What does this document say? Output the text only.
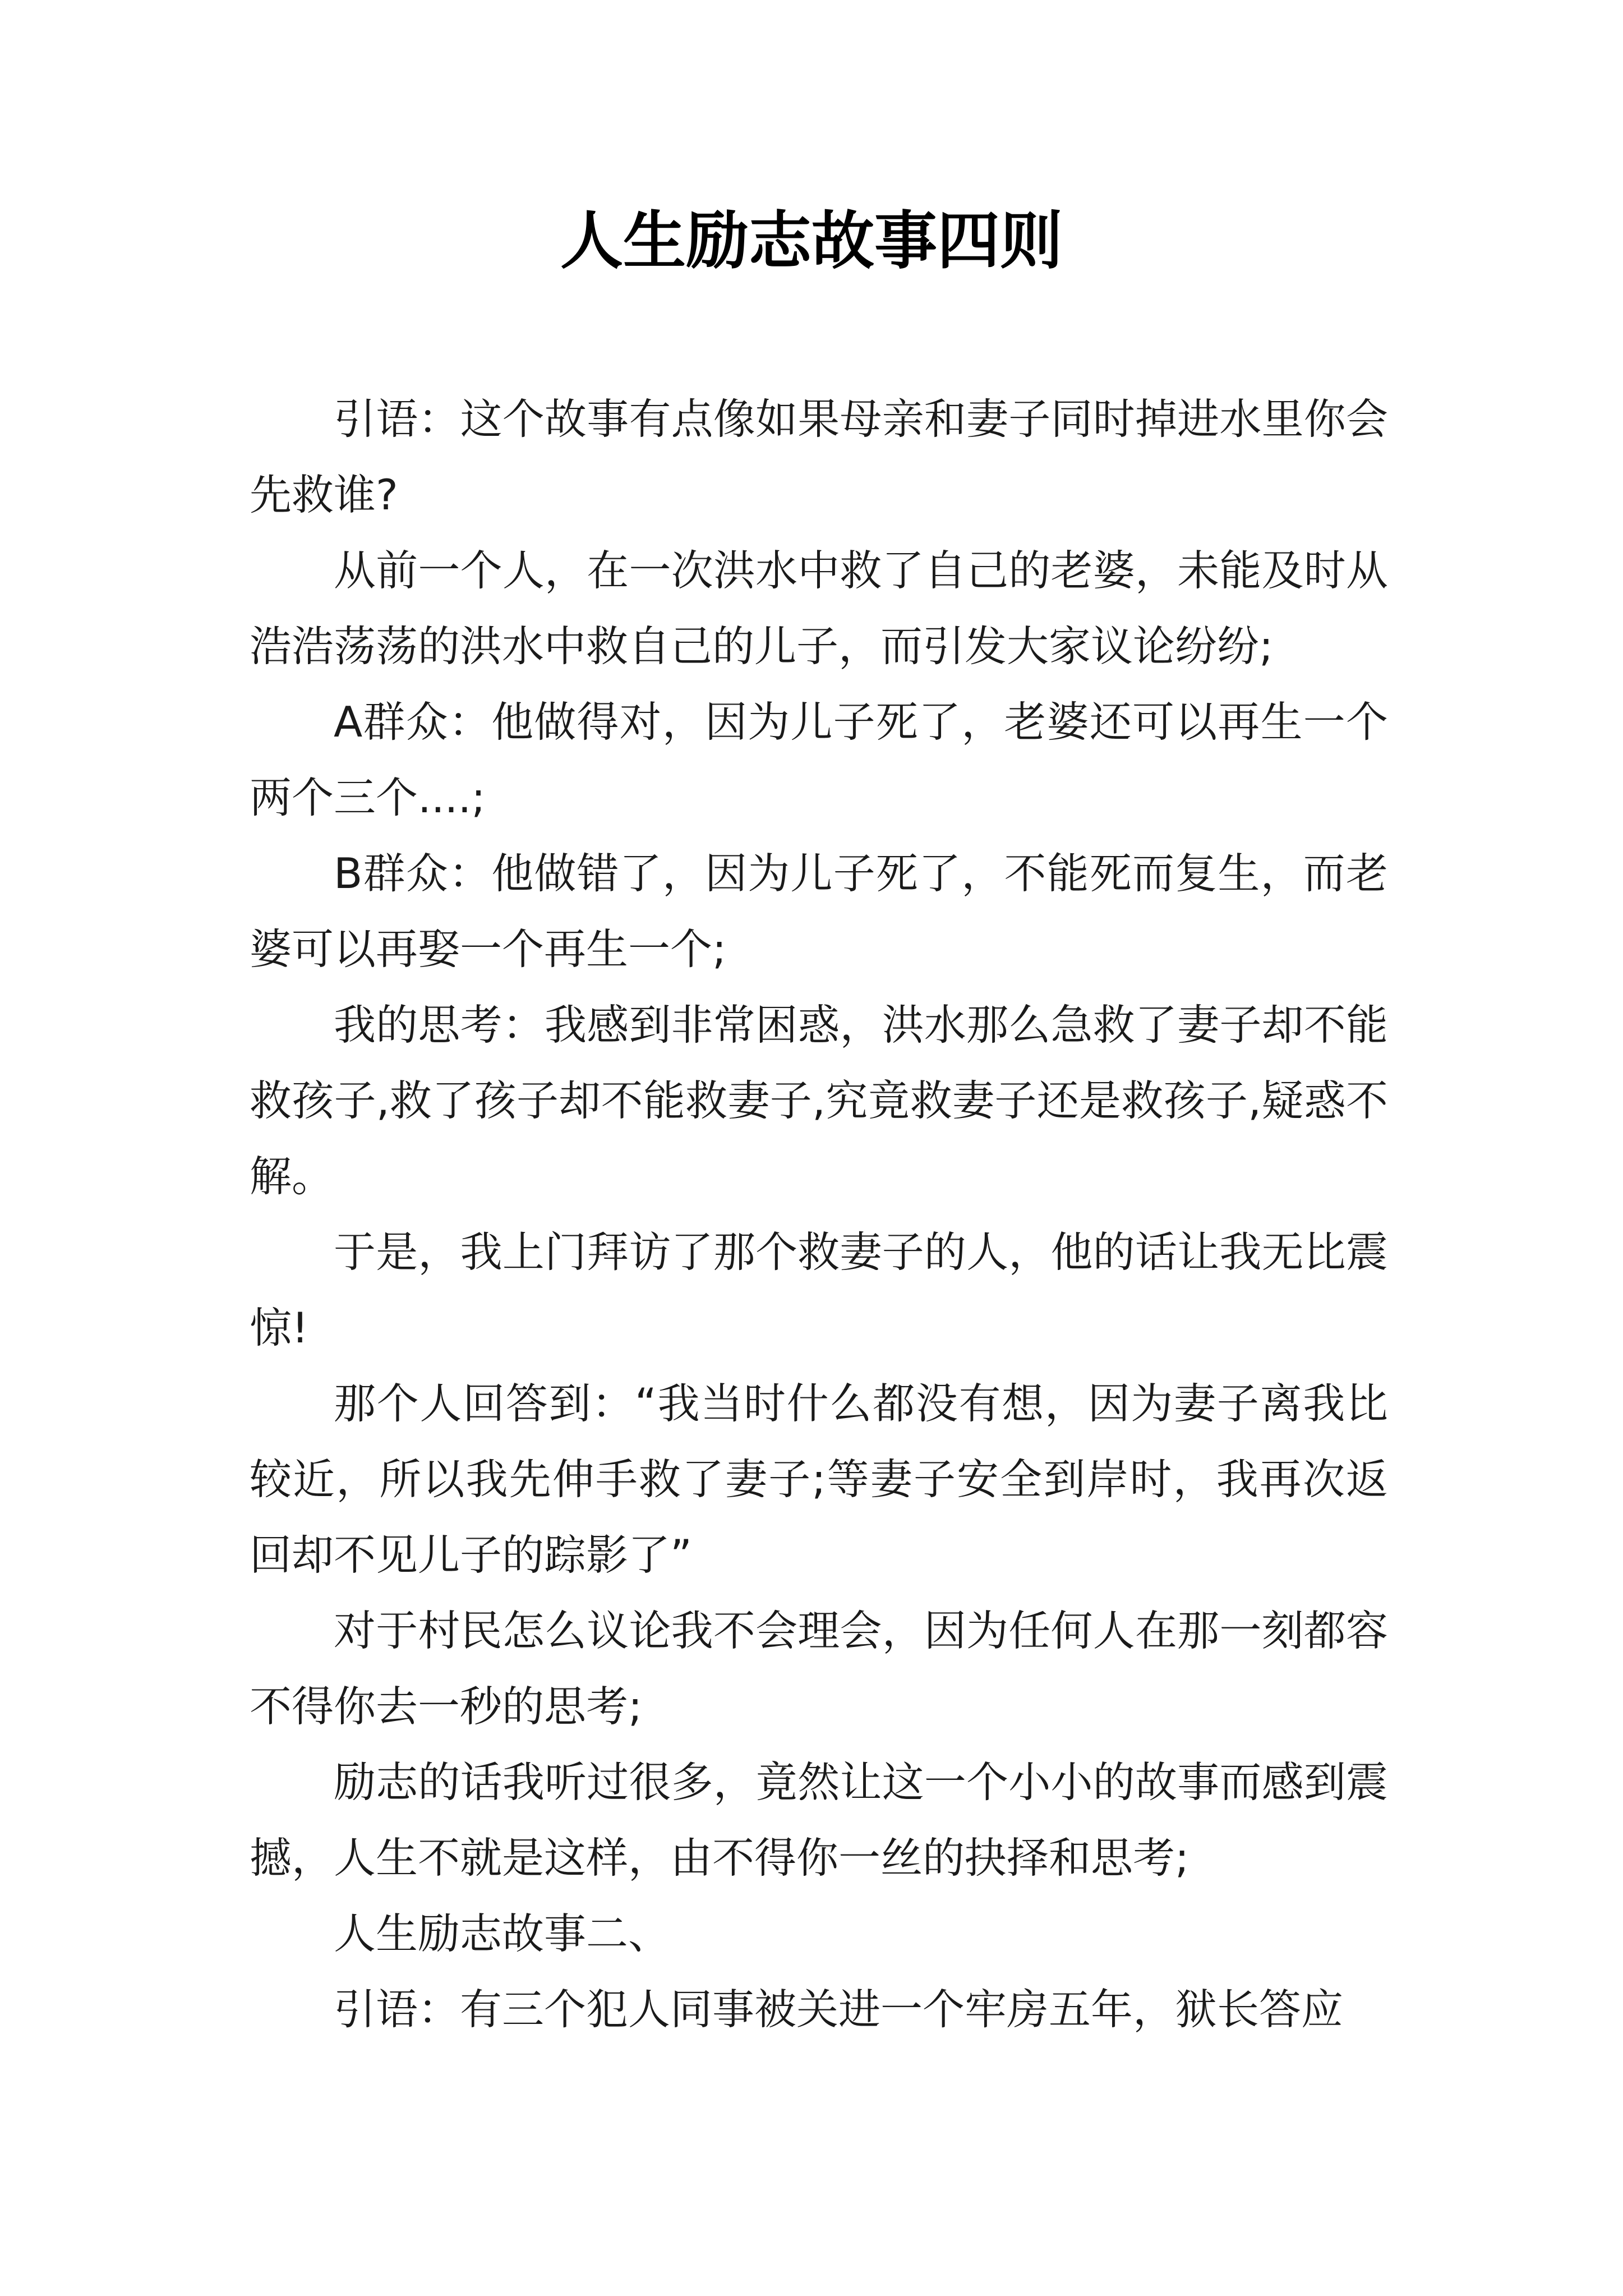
人生励志故事四则

引语：这个故事有点像如果母亲和妻子同时掉进水里你会先救谁?

从前一个人，在一次洪水中救了自己的老婆，未能及时从浩浩荡荡的洪水中救自己的儿子，而引发大家议论纷纷;

A群众：他做得对，因为儿子死了，老婆还可以再生一个两个三个....;

B群众：他做错了，因为儿子死了，不能死而复生，而老婆可以再娶一个再生一个;

我的思考：我感到非常困惑，洪水那么急救了妻子却不能救孩子,救了孩子却不能救妻子,究竟救妻子还是救孩子,疑惑不解。

于是，我上门拜访了那个救妻子的人，他的话让我无比震惊!

那个人回答到：“我当时什么都没有想，因为妻子离我比较近，所以我先伸手救了妻子;等妻子安全到岸时，我再次返回却不见儿子的踪影了”

对于村民怎么议论我不会理会，因为任何人在那一刻都容不得你去一秒的思考;

励志的话我听过很多，竟然让这一个小小的故事而感到震撼，人生不就是这样，由不得你一丝的抉择和思考;

人生励志故事二、

引语：有三个犯人同事被关进一个牢房五年，狱长答应
